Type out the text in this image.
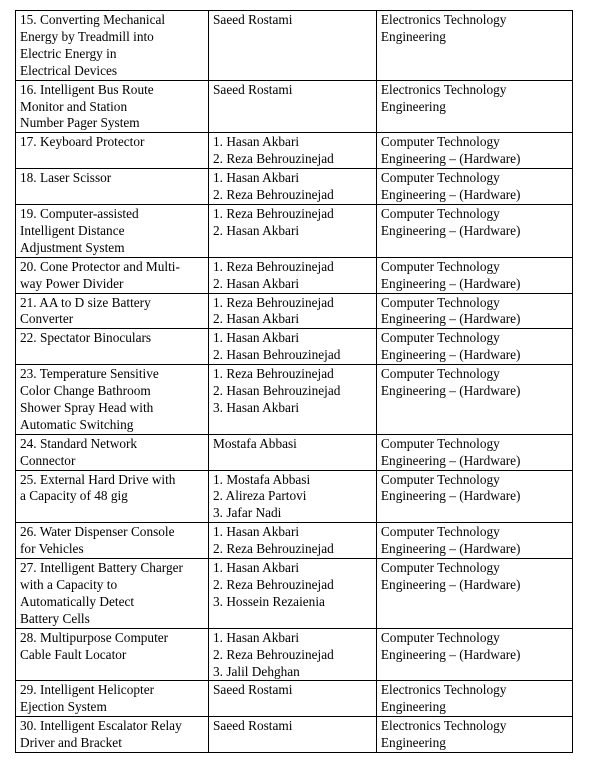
15. Converting Mechanical
Energy by Treadmill into
Electric Energy in
Electrical Devices	Saeed Rostami	Electronics Technology
Engineering

16. Intelligent Bus Route
Monitor and Station
Number Pager System	Saeed Rostami	Electronics Technology
Engineering

17. Keyboard Protector	1. Hasan Akbari
2. Reza Behrouzinejad	Computer Technology
Engineering – (Hardware)

18. Laser Scissor	1. Hasan Akbari
2. Reza Behrouzinejad	Computer Technology
Engineering – (Hardware)

19. Computer-assisted
Intelligent Distance
Adjustment System	1. Reza Behrouzinejad
2. Hasan Akbari	Computer Technology
Engineering – (Hardware)

20. Cone Protector and Multi-
way Power Divider	1. Reza Behrouzinejad
2. Hasan Akbari	Computer Technology
Engineering – (Hardware)

21. AA to D size Battery
Converter	1. Reza Behrouzinejad
2. Hasan Akbari	Computer Technology
Engineering – (Hardware)

22. Spectator Binoculars	1. Hasan Akbari
2. Hasan Behrouzinejad	Computer Technology
Engineering – (Hardware)

23. Temperature Sensitive
Color Change Bathroom
Shower Spray Head with
Automatic Switching	1. Reza Behrouzinejad
2. Hasan Behrouzinejad
3. Hasan Akbari	Computer Technology
Engineering – (Hardware)

24. Standard Network
Connector	Mostafa Abbasi	Computer Technology
Engineering – (Hardware)

25. External Hard Drive with
a Capacity of 48 gig	1. Mostafa Abbasi
2. Alireza Partovi
3. Jafar Nadi	Computer Technology
Engineering – (Hardware)

26. Water Dispenser Console
for Vehicles	1. Hasan Akbari
2. Reza Behrouzinejad	Computer Technology
Engineering – (Hardware)

27. Intelligent Battery Charger
with a Capacity to
Automatically Detect
Battery Cells	1. Hasan Akbari
2. Reza Behrouzinejad
3. Hossein Rezaienia	Computer Technology
Engineering – (Hardware)

28. Multipurpose Computer
Cable Fault Locator	1. Hasan Akbari
2. Reza Behrouzinejad
3. Jalil Dehghan	Computer Technology
Engineering – (Hardware)

29. Intelligent Helicopter
Ejection System	Saeed Rostami	Electronics Technology
Engineering

30. Intelligent Escalator Relay
Driver and Bracket	Saeed Rostami	Electronics Technology
Engineering
